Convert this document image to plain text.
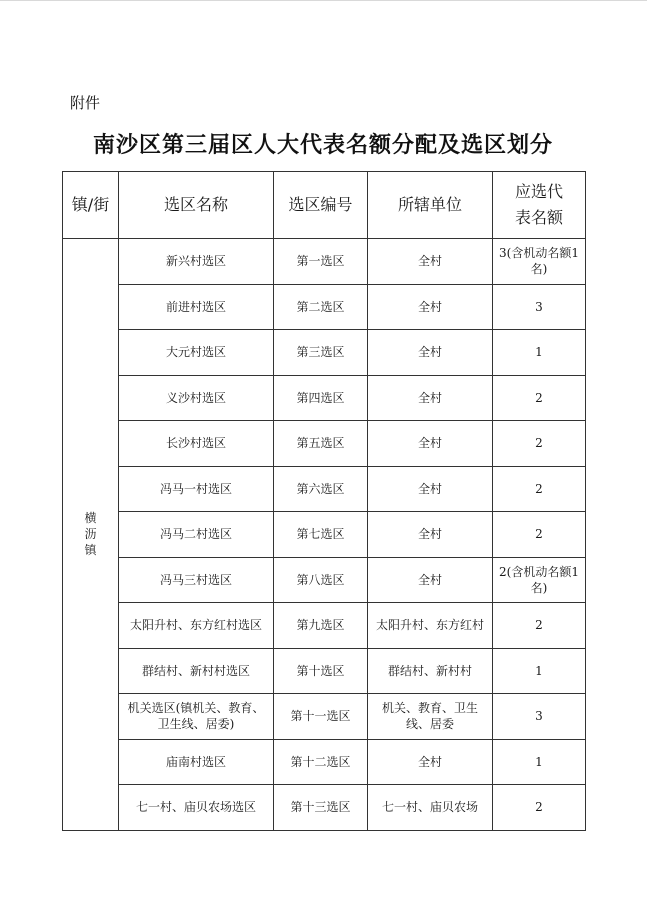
附件
南沙区第三届区人大代表名额分配及选区划分
镇/街	选区名称	选区编号	所辖单位	应选代表名额
横沥镇	新兴村选区	第一选区	全村	3(含机动名额1名)
	前进村选区	第二选区	全村	3
	大元村选区	第三选区	全村	1
	义沙村选区	第四选区	全村	2
	长沙村选区	第五选区	全村	2
	冯马一村选区	第六选区	全村	2
	冯马二村选区	第七选区	全村	2
	冯马三村选区	第八选区	全村	2(含机动名额1名)
	太阳升村、东方红村选区	第九选区	太阳升村、东方红村	2
	群结村、新村村选区	第十选区	群结村、新村村	1
	机关选区(镇机关、教育、卫生线、居委)	第十一选区	机关、教育、卫生线、居委	3
	庙南村选区	第十二选区	全村	1
	七一村、庙贝农场选区	第十三选区	七一村、庙贝农场	2
